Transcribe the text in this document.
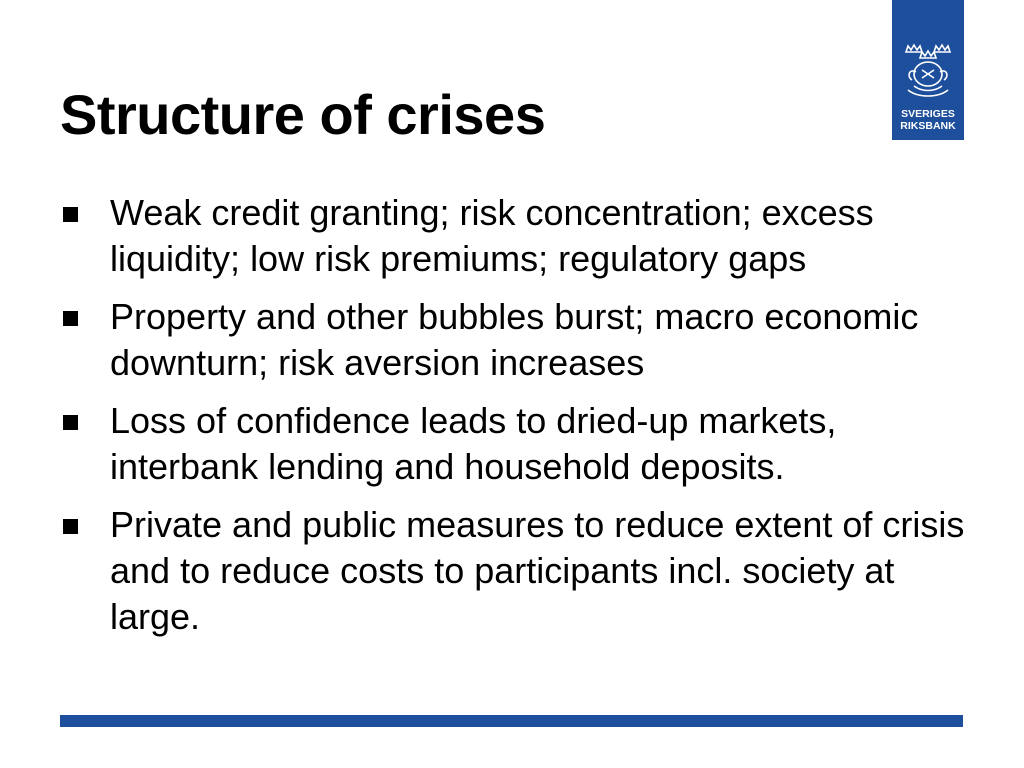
Structure of crises	SVERIGES
RIKSBANK
Weak credit granting; risk concentration; excess liquidity; low risk premiums; regulatory gaps
Property and other bubbles burst; macro economic downturn; risk aversion increases
Loss of confidence leads to dried-up markets, interbank lending and household deposits.
Private and public measures to reduce extent of crisis and to reduce costs to participants incl. society at large.
